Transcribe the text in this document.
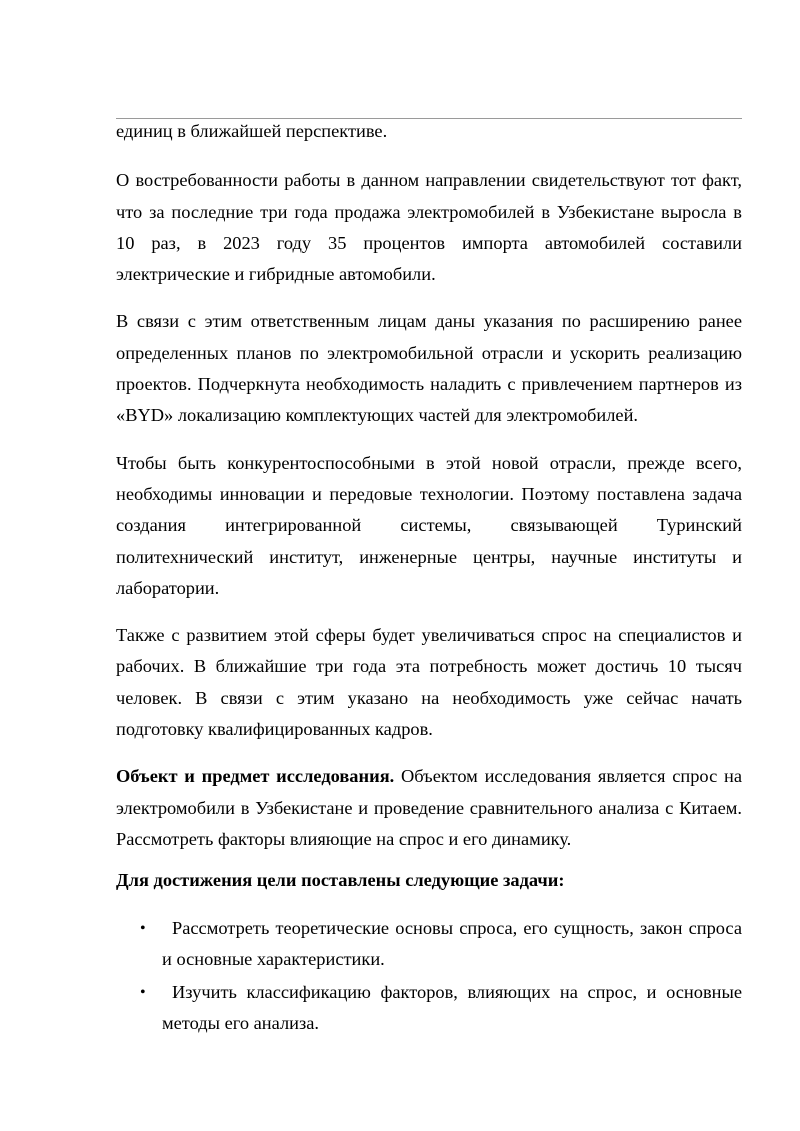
единиц в ближайшей перспективе.

О востребованности работы в данном направлении свидетельствуют тот факт, что за последние три года продажа электромобилей в Узбекистане выросла в 10 раз, в 2023 году 35 процентов импорта автомобилей составили электрические и гибридные автомобили.

В связи с этим ответственным лицам даны указания по расширению ранее определенных планов по электромобильной отрасли и ускорить реализацию проектов. Подчеркнута необходимость наладить с привлечением партнеров из «BYD» локализацию комплектующих частей для электромобилей.

Чтобы быть конкурентоспособными в этой новой отрасли, прежде всего, необходимы инновации и передовые технологии. Поэтому поставлена задача создания интегрированной системы, связывающей Туринский политехнический институт, инженерные центры, научные институты и лаборатории.

Также с развитием этой сферы будет увеличиваться спрос на специалистов и рабочих. В ближайшие три года эта потребность может достичь 10 тысяч человек. В связи с этим указано на необходимость уже сейчас начать подготовку квалифицированных кадров.

Объект и предмет исследования. Объектом исследования является спрос на электромобили в Узбекистане и проведение сравнительного анализа с Китаем. Рассмотреть факторы влияющие на спрос и его динамику.

Для достижения цели поставлены следующие задачи:

•	Рассмотреть теоретические основы спроса, его сущность, закон спроса и основные характеристики.
•	Изучить классификацию факторов, влияющих на спрос, и основные методы его анализа.
